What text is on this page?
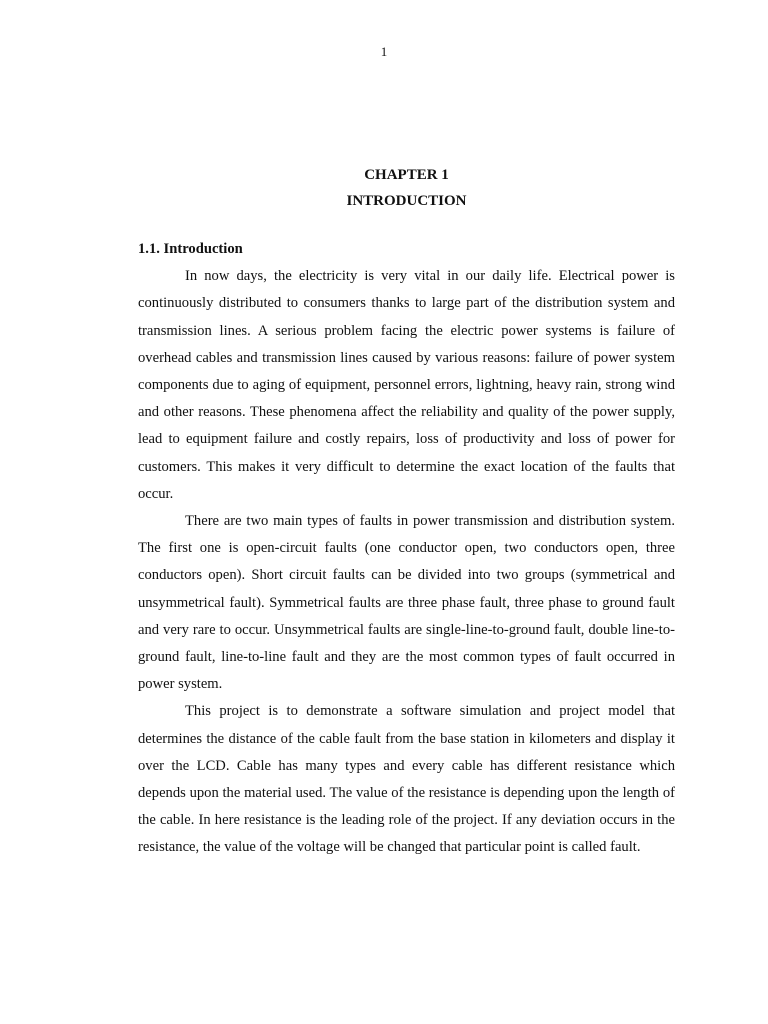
1
CHAPTER 1
INTRODUCTION

1.1. Introduction

In now days, the electricity is very vital in our daily life. Electrical power is continuously distributed to consumers thanks to large part of the distribution system and transmission lines. A serious problem facing the electric power systems is failure of overhead cables and transmission lines caused by various reasons: failure of power system components due to aging of equipment, personnel errors, lightning, heavy rain, strong wind and other reasons. These phenomena affect the reliability and quality of the power supply, lead to equipment failure and costly repairs, loss of productivity and loss of power for customers. This makes it very difficult to determine the exact location of the faults that occur.

There are two main types of faults in power transmission and distribution system. The first one is open-circuit faults (one conductor open, two conductors open, three conductors open). Short circuit faults can be divided into two groups (symmetrical and unsymmetrical fault). Symmetrical faults are three phase fault, three phase to ground fault and very rare to occur. Unsymmetrical faults are single-line-to-ground fault, double line-to-ground fault, line-to-line fault and they are the most common types of fault occurred in power system.

This project is to demonstrate a software simulation and project model that determines the distance of the cable fault from the base station in kilometers and display it over the LCD. Cable has many types and every cable has different resistance which depends upon the material used. The value of the resistance is depending upon the length of the cable. In here resistance is the leading role of the project. If any deviation occurs in the resistance, the value of the voltage will be changed that particular point is called fault.
